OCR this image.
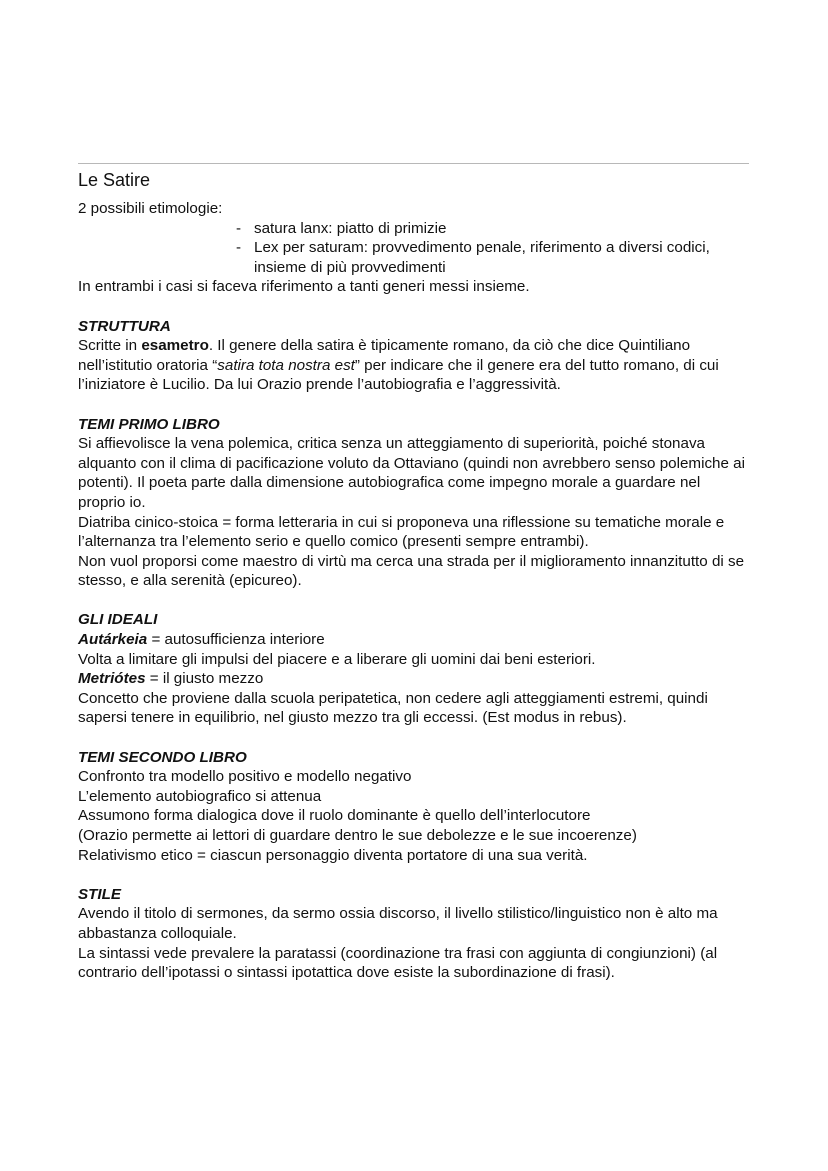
Le Satire

2 possibili etimologie:

- satura lanx: piatto di primizie
- Lex per saturam: provvedimento penale, riferimento a diversi codici, insieme di più provvedimenti

In entrambi i casi si faceva riferimento a tanti generi messi insieme.

STRUTTURA

Scritte in esametro. Il genere della satira è tipicamente romano, da ciò che dice Quintiliano nell’istitutio oratoria “satira tota nostra est” per indicare che il genere era del tutto romano, di cui l’iniziatore è Lucilio. Da lui Orazio prende l’autobiografia e l’aggressività.

TEMI PRIMO LIBRO

Si affievolisce la vena polemica, critica senza un atteggiamento di superiorità, poiché stonava alquanto con il clima di pacificazione voluto da Ottaviano (quindi non avrebbero senso polemiche ai potenti). Il poeta parte dalla dimensione autobiografica come impegno morale a guardare nel proprio io.

Diatriba cinico-stoica = forma letteraria in cui si proponeva una riflessione su tematiche morale e l’alternanza tra l’elemento serio e quello comico (presenti sempre entrambi).

Non vuol proporsi come maestro di virtù ma cerca una strada per il miglioramento innanzitutto di se stesso, e alla serenità (epicureo).

GLI IDEALI

Autárkeia = autosufficienza interiore

Volta a limitare gli impulsi del piacere e a liberare gli uomini dai beni esteriori.

Metriótes = il giusto mezzo

Concetto che proviene dalla scuola peripatetica, non cedere agli atteggiamenti estremi, quindi sapersi tenere in equilibrio, nel giusto mezzo tra gli eccessi. (Est modus in rebus).

TEMI SECONDO LIBRO

Confronto tra modello positivo e modello negativo

L’elemento autobiografico si attenua

Assumono forma dialogica dove il ruolo dominante è quello dell’interlocutore

(Orazio permette ai lettori di guardare dentro le sue debolezze e le sue incoerenze)

Relativismo etico = ciascun personaggio diventa portatore di una sua verità.

STILE

Avendo il titolo di sermones, da sermo ossia discorso, il livello stilistico/linguistico non è alto ma abbastanza colloquiale.

La sintassi vede prevalere la paratassi (coordinazione tra frasi con aggiunta di congiunzioni) (al contrario dell’ipotassi o sintassi ipotattica dove esiste la subordinazione di frasi).
